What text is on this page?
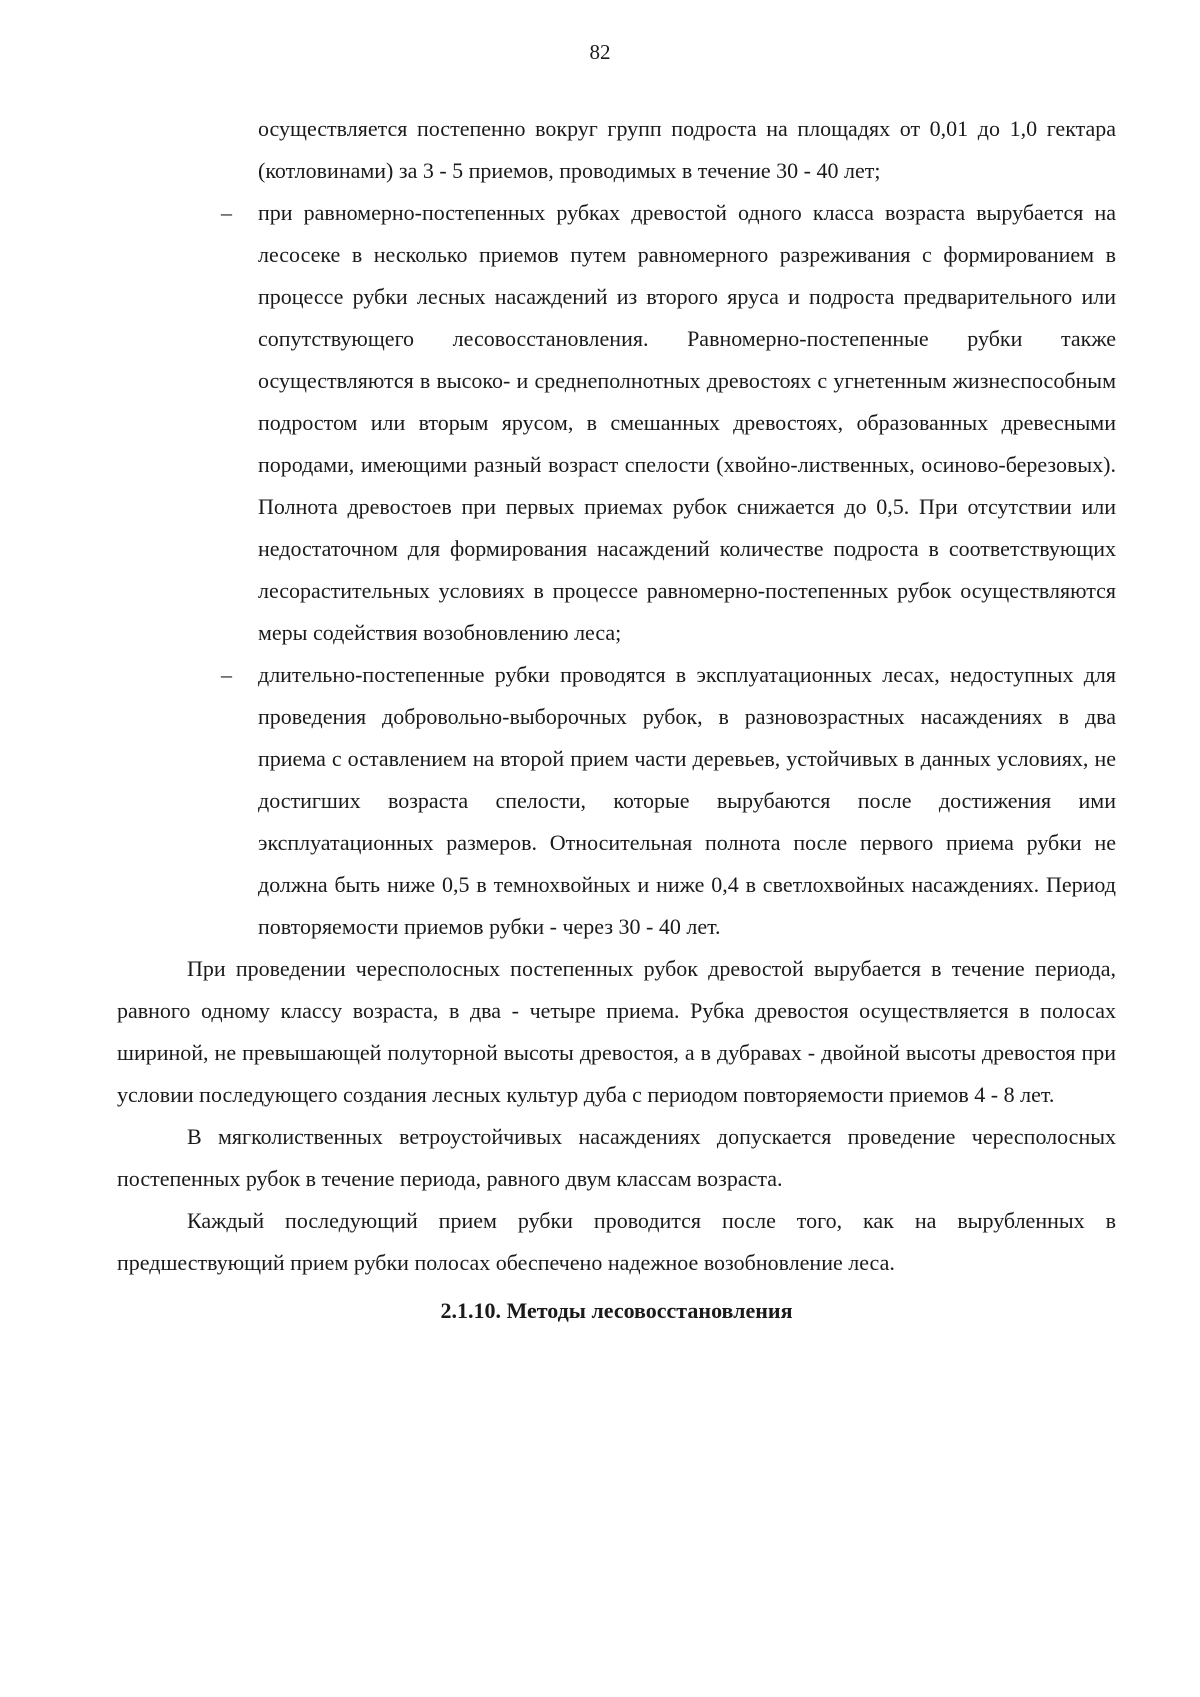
82

осуществляется постепенно вокруг групп подроста на площадях от 0,01 до 1,0 гектара (котловинами) за 3 - 5 приемов, проводимых в течение 30 - 40 лет;

– при равномерно-постепенных рубках древостой одного класса возраста вырубается на лесосеке в несколько приемов путем равномерного разреживания с формированием в процессе рубки лесных насаждений из второго яруса и подроста предварительного или сопутствующего лесовосстановления. Равномерно-постепенные рубки также осуществляются в высоко- и среднеполнотных древостоях с угнетенным жизнеспособным подростом или вторым ярусом, в смешанных древостоях, образованных древесными породами, имеющими разный возраст спелости (хвойно-лиственных, осиново-березовых). Полнота древостоев при первых приемах рубок снижается до 0,5. При отсутствии или недостаточном для формирования насаждений количестве подроста в соответствующих лесорастительных условиях в процессе равномерно-постепенных рубок осуществляются меры содействия возобновлению леса;
– длительно-постепенные рубки проводятся в эксплуатационных лесах, недоступных для проведения добровольно-выборочных рубок, в разновозрастных насаждениях в два приема с оставлением на второй прием части деревьев, устойчивых в данных условиях, не достигших возраста спелости, которые вырубаются после достижения ими эксплуатационных размеров. Относительная полнота после первого приема рубки не должна быть ниже 0,5 в темнохвойных и ниже 0,4 в светлохвойных насаждениях. Период повторяемости приемов рубки - через 30 - 40 лет.

При проведении чересполосных постепенных рубок древостой вырубается в течение периода, равного одному классу возраста, в два - четыре приема. Рубка древостоя осуществляется в полосах шириной, не превышающей полуторной высоты древостоя, а в дубравах - двойной высоты древостоя при условии последующего создания лесных культур дуба с периодом повторяемости приемов 4 - 8 лет.

В мягколиственных ветроустойчивых насаждениях допускается проведение чересполосных постепенных рубок в течение периода, равного двум классам возраста.

Каждый последующий прием рубки проводится после того, как на вырубленных в предшествующий прием рубки полосах обеспечено надежное возобновление леса.

2.1.10. Методы лесовосстановления
